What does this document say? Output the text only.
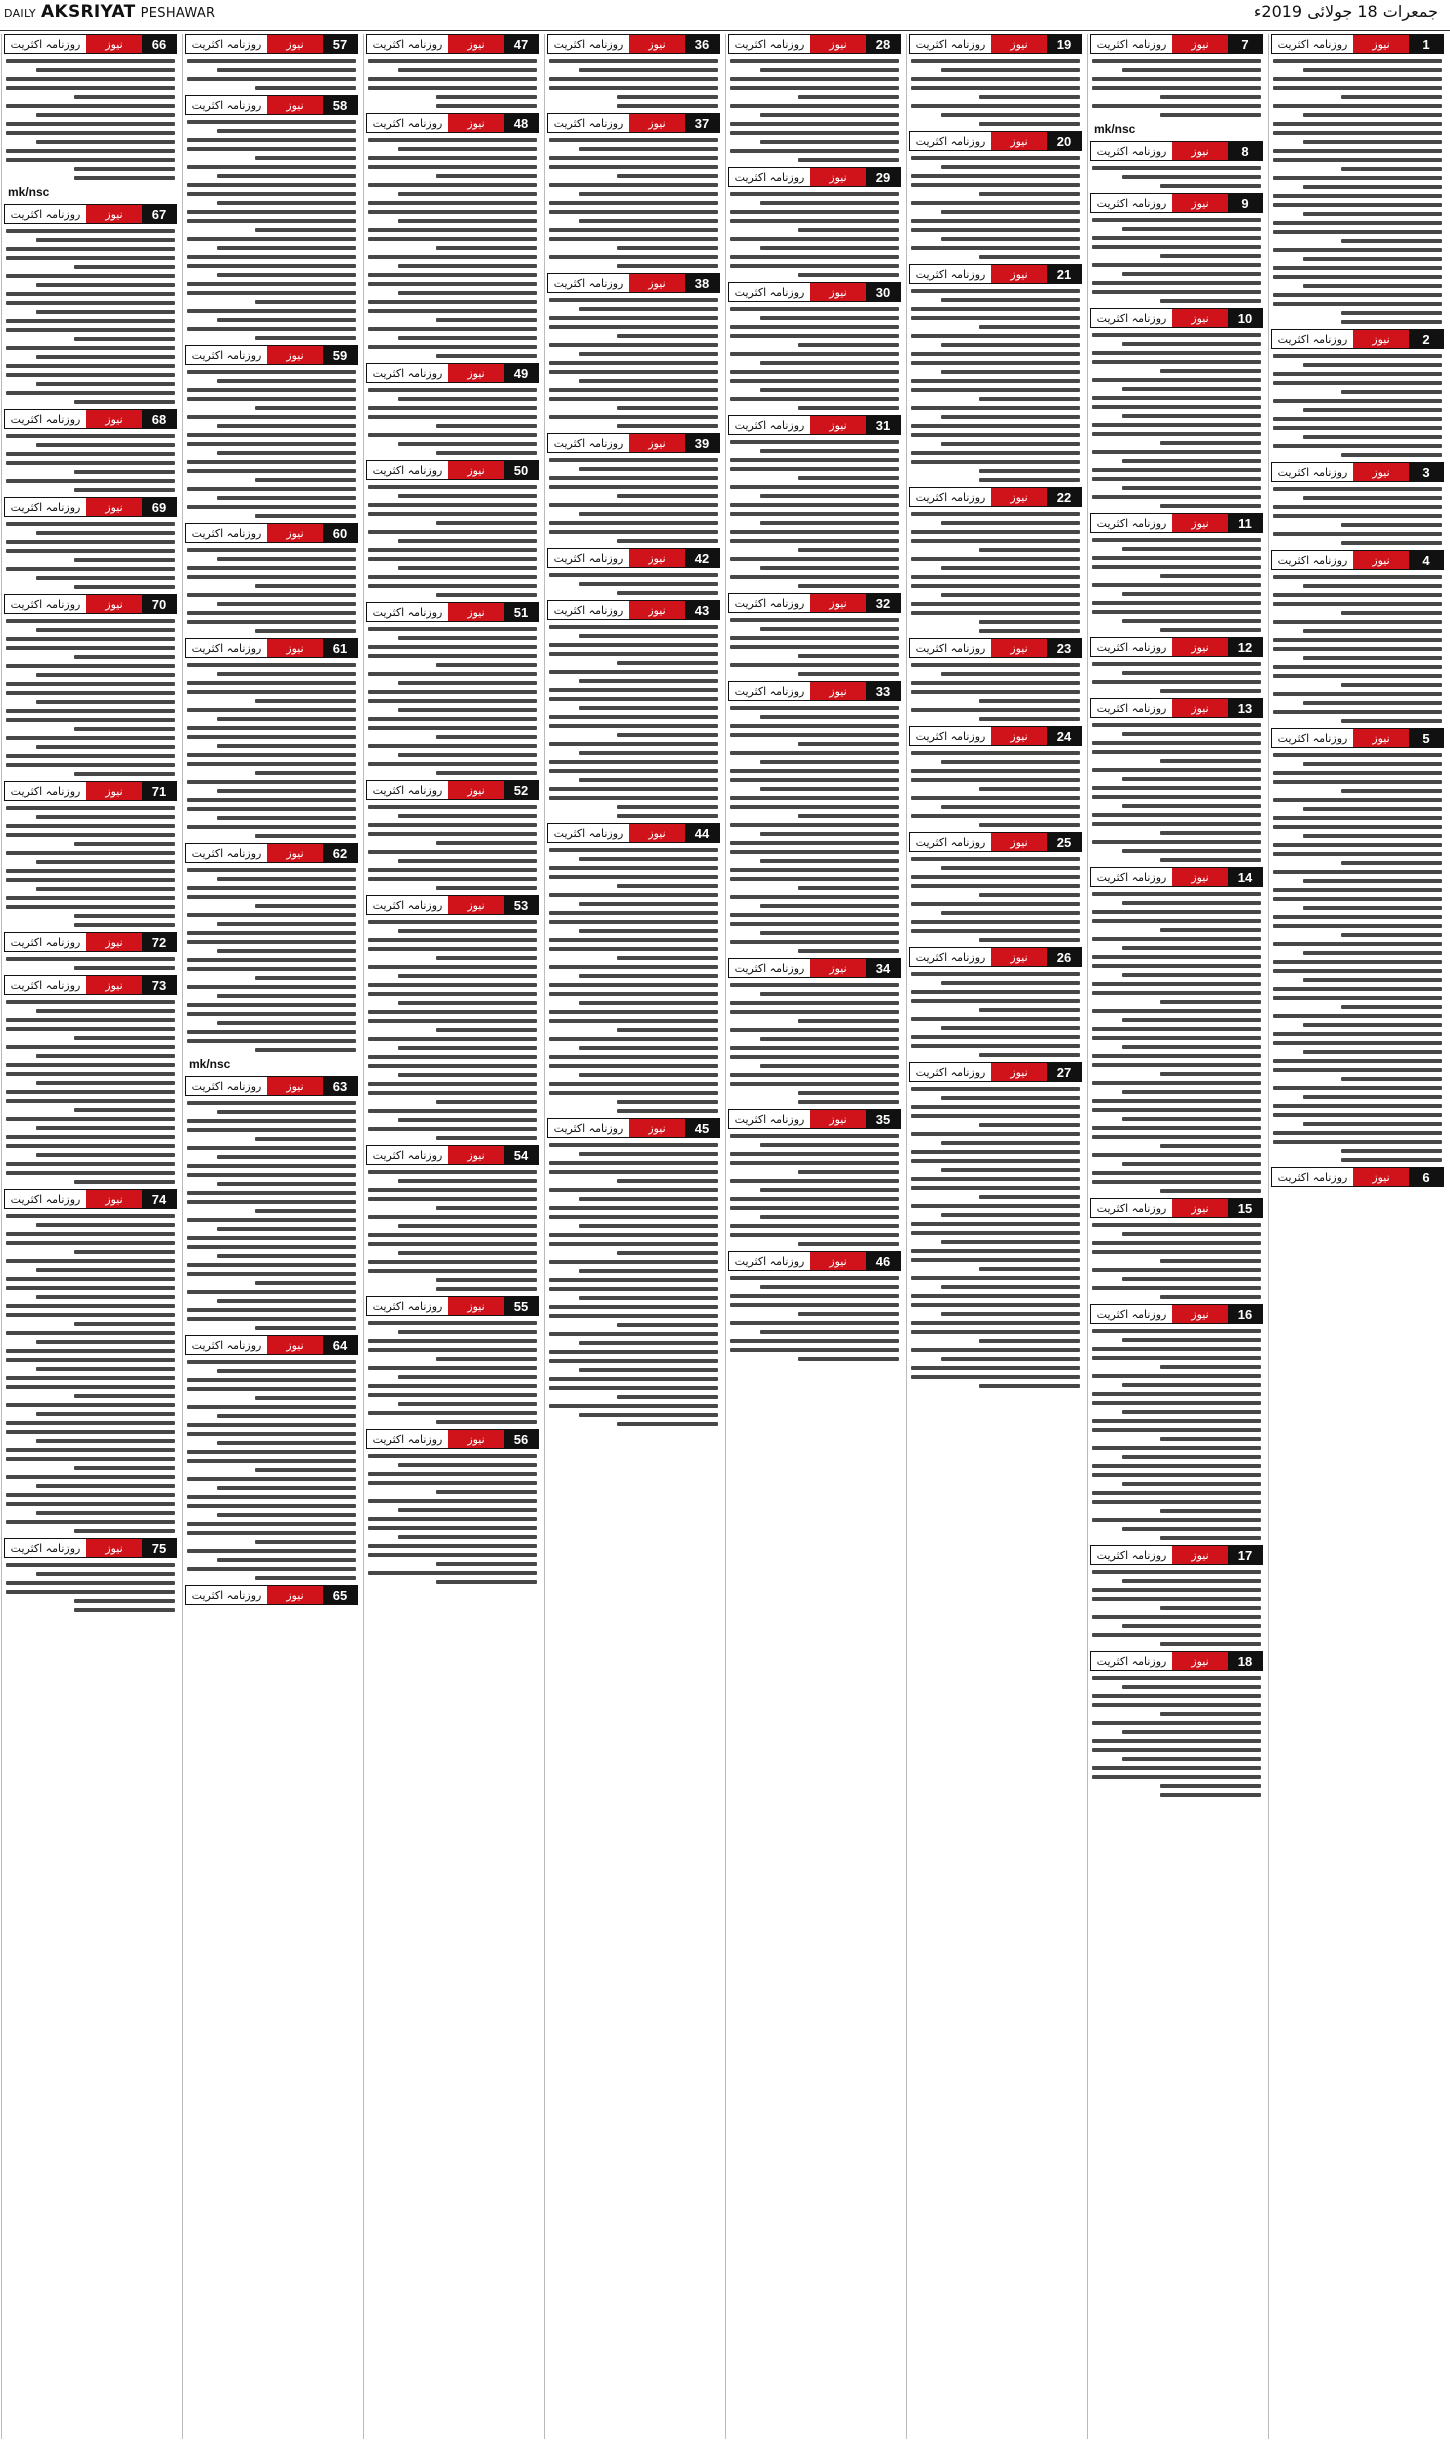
DAILY AKSRIYAT PESHAWAR	جمعرات 18 جولائی 2019ء
1
نیوز
روزنامہ اکثریت
2
نیوز
روزنامہ اکثریت
3
نیوز
روزنامہ اکثریت
4
نیوز
روزنامہ اکثریت
5
نیوز
روزنامہ اکثریت
6
نیوز
روزنامہ اکثریت
7
نیوز
روزنامہ اکثریت
mk/nsc
8
نیوز
روزنامہ اکثریت
9
نیوز
روزنامہ اکثریت
10
نیوز
روزنامہ اکثریت
11
نیوز
روزنامہ اکثریت
12
نیوز
روزنامہ اکثریت
13
نیوز
روزنامہ اکثریت
14
نیوز
روزنامہ اکثریت
15
نیوز
روزنامہ اکثریت
16
نیوز
روزنامہ اکثریت
17
نیوز
روزنامہ اکثریت
18
نیوز
روزنامہ اکثریت
19
نیوز
روزنامہ اکثریت
20
نیوز
روزنامہ اکثریت
21
نیوز
روزنامہ اکثریت
22
نیوز
روزنامہ اکثریت
23
نیوز
روزنامہ اکثریت
24
نیوز
روزنامہ اکثریت
25
نیوز
روزنامہ اکثریت
26
نیوز
روزنامہ اکثریت
27
نیوز
روزنامہ اکثریت
28
نیوز
روزنامہ اکثریت
29
نیوز
روزنامہ اکثریت
30
نیوز
روزنامہ اکثریت
31
نیوز
روزنامہ اکثریت
32
نیوز
روزنامہ اکثریت
33
نیوز
روزنامہ اکثریت
34
نیوز
روزنامہ اکثریت
35
نیوز
روزنامہ اکثریت
46
نیوز
روزنامہ اکثریت
36
نیوز
روزنامہ اکثریت
37
نیوز
روزنامہ اکثریت
38
نیوز
روزنامہ اکثریت
39
نیوز
روزنامہ اکثریت
42
نیوز
روزنامہ اکثریت
43
نیوز
روزنامہ اکثریت
44
نیوز
روزنامہ اکثریت
45
نیوز
روزنامہ اکثریت
47
نیوز
روزنامہ اکثریت
48
نیوز
روزنامہ اکثریت
49
نیوز
روزنامہ اکثریت
50
نیوز
روزنامہ اکثریت
51
نیوز
روزنامہ اکثریت
52
نیوز
روزنامہ اکثریت
53
نیوز
روزنامہ اکثریت
54
نیوز
روزنامہ اکثریت
55
نیوز
روزنامہ اکثریت
56
نیوز
روزنامہ اکثریت
57
نیوز
روزنامہ اکثریت
58
نیوز
روزنامہ اکثریت
59
نیوز
روزنامہ اکثریت
60
نیوز
روزنامہ اکثریت
61
نیوز
روزنامہ اکثریت
62
نیوز
روزنامہ اکثریت
mk/nsc
63
نیوز
روزنامہ اکثریت
64
نیوز
روزنامہ اکثریت
65
نیوز
روزنامہ اکثریت
66
نیوز
روزنامہ اکثریت
mk/nsc
67
نیوز
روزنامہ اکثریت
68
نیوز
روزنامہ اکثریت
69
نیوز
روزنامہ اکثریت
70
نیوز
روزنامہ اکثریت
71
نیوز
روزنامہ اکثریت
72
نیوز
روزنامہ اکثریت
73
نیوز
روزنامہ اکثریت
74
نیوز
روزنامہ اکثریت
75
نیوز
روزنامہ اکثریت
